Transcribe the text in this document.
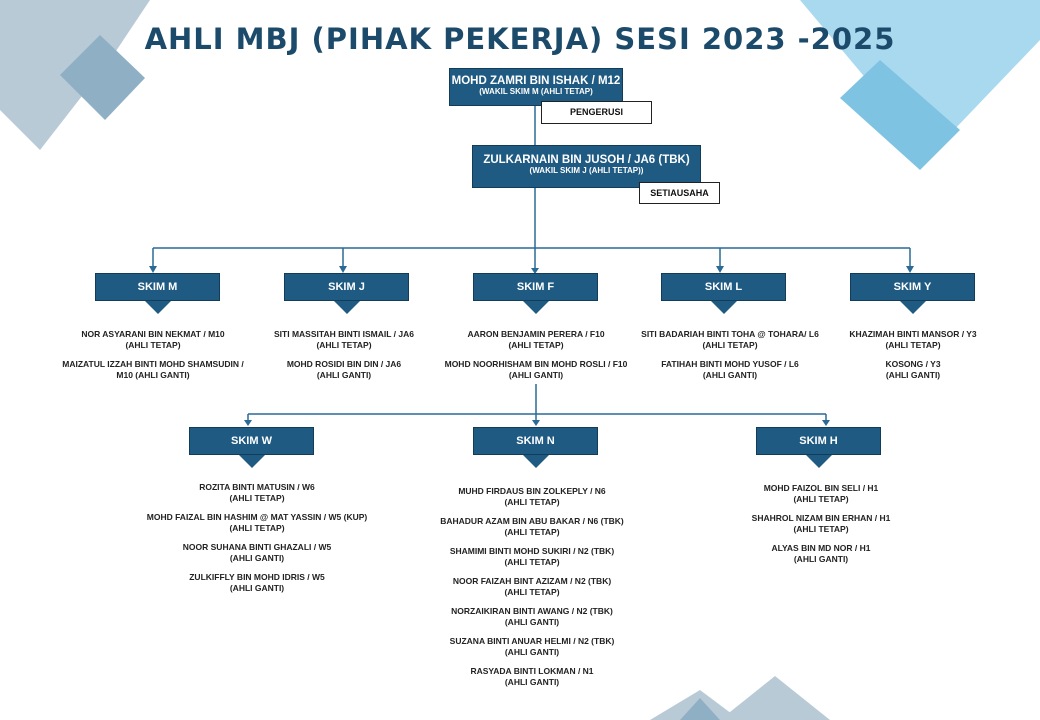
AHLI MBJ (PIHAK PEKERJA) SESI 2023 -2025
MOHD ZAMRI BIN ISHAK / M12
(WAKIL SKIM M (AHLI TETAP)
PENGERUSI
ZULKARNAIN BIN JUSOH / JA6 (TBK)
(WAKIL SKIM J (AHLI TETAP))
SETIAUSAHA
SKIM M	SKIM J	SKIM F	SKIM L	SKIM Y
NOR ASYARANI BIN NEKMAT / M10
(AHLI TETAP)
MAIZATUL IZZAH BINTI MOHD SHAMSUDIN /
M10 (AHLI GANTI)
SITI MASSITAH BINTI ISMAIL / JA6
(AHLI TETAP)
MOHD ROSIDI BIN DIN / JA6
(AHLI GANTI)
AARON BENJAMIN PERERA / F10
(AHLI TETAP)
MOHD NOORHISHAM BIN MOHD ROSLI / F10
(AHLI GANTI)
SITI BADARIAH BINTI TOHA @ TOHARA/ L6
(AHLI TETAP)
FATIHAH BINTI MOHD YUSOF / L6
(AHLI GANTI)
KHAZIMAH BINTI MANSOR / Y3
(AHLI TETAP)
KOSONG / Y3
(AHLI GANTI)
SKIM W	SKIM N	SKIM H
ROZITA BINTI MATUSIN / W6
(AHLI TETAP)
MOHD FAIZAL BIN HASHIM @ MAT YASSIN / W5 (KUP)
(AHLI TETAP)
NOOR SUHANA BINTI GHAZALI / W5
(AHLI GANTI)
ZULKIFFLY BIN MOHD IDRIS / W5
(AHLI GANTI)
MUHD FIRDAUS BIN ZOLKEPLY / N6
(AHLI TETAP)
BAHADUR AZAM BIN ABU BAKAR / N6 (TBK)
(AHLI TETAP)
SHAMIMI BINTI MOHD SUKIRI / N2 (TBK)
(AHLI TETAP)
NOOR FAIZAH BINT AZIZAM / N2 (TBK)
(AHLI TETAP)
NORZAIKIRAN BINTI AWANG / N2 (TBK)
(AHLI GANTI)
SUZANA BINTI ANUAR HELMI / N2 (TBK)
(AHLI GANTI)
RASYADA BINTI LOKMAN / N1
(AHLI GANTI)
MOHD FAIZOL BIN SELI / H1
(AHLI TETAP)
SHAHROL NIZAM BIN ERHAN / H1
(AHLI TETAP)
ALYAS BIN MD NOR / H1
(AHLI GANTI)
